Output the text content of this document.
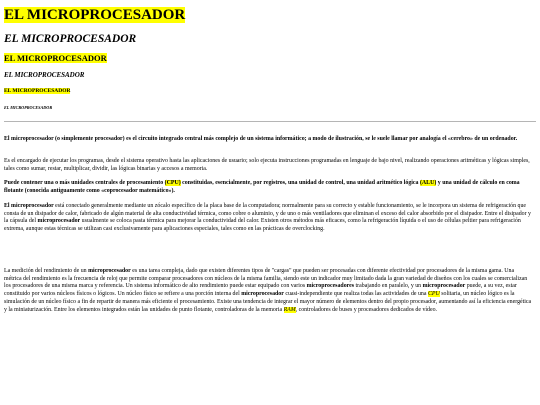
EL MICROPROCESADOR
EL MICROPROCESADOR
EL MICROPROCESADOR
EL MICROPROCESADOR
EL MICROPROCESADOR
EL MICROPROCESADOR

El microprocesador (o simplemente procesador) es el circuito integrado central más complejo de un sistema informático; a modo de ilustración, se le suele llamar por analogía el «cerebro» de un ordenador.

Es el encargado de ejecutar los programas, desde el sistema operativo hasta las aplicaciones de usuario; solo ejecuta instrucciones programadas en lenguaje de bajo nivel, realizando operaciones aritméticas y lógicas simples, tales como sumar, restar, multiplicar, dividir, las lógicas binarias y accesos a memoria.

Puede contener una o más unidades centrales de procesamiento (CPU) constituidas, esencialmente, por registros, una unidad de control, una unidad aritmético lógica (ALU) y una unidad de cálculo en coma flotante (conocida antiguamente como «coprocesador matemático»).

El microprocesador está conectado generalmente mediante un zócalo específico de la placa base de la computadora; normalmente para su correcto y estable funcionamiento, se le incorpora un sistema de refrigeración que consta de un disipador de calor, fabricado de algún material de alta conductividad térmica, como cobre o aluminio, y de uno o más ventiladores que eliminan el exceso del calor absorbido por el disipador. Entre el disipador y la cápsula del microprocesador usualmente se coloca pasta térmica para mejorar la conductividad del calor. Existen otros métodos más eficaces, como la refrigeración líquida o el uso de células peltier para refrigeración extrema, aunque estas técnicas se utilizan casi exclusivamente para aplicaciones especiales, tales como en las prácticas de overclocking.

La medición del rendimiento de un microprocesador es una tarea compleja, dado que existen diferentes tipos de "cargas" que pueden ser procesadas con diferente efectividad por procesadores de la misma gama. Una métrica del rendimiento es la frecuencia de reloj que permite comparar procesadores con núcleos de la misma familia, siendo este un indicador muy limitado dada la gran variedad de diseños con los cuales se comercializan los procesadores de una misma marca y referencia. Un sistema informático de alto rendimiento puede estar equipado con varios microprocesadores trabajando en paralelo, y un microprocesador puede, a su vez, estar constituido por varios núcleos físicos o lógicos. Un núcleo físico se refiere a una porción interna del microprocesador cuasi-independiente que realiza todas las actividades de una CPU solitaria, un núcleo lógico es la simulación de un núcleo físico a fin de repartir de manera más eficiente el procesamiento. Existe una tendencia de integrar el mayor número de elementos dentro del propio procesador, aumentando así la eficiencia energética y la miniaturización. Entre los elementos integrados están las unidades de punto flotante, controladoras de la memoria RAM, controladores de buses y procesadores dedicados de vídeo.
